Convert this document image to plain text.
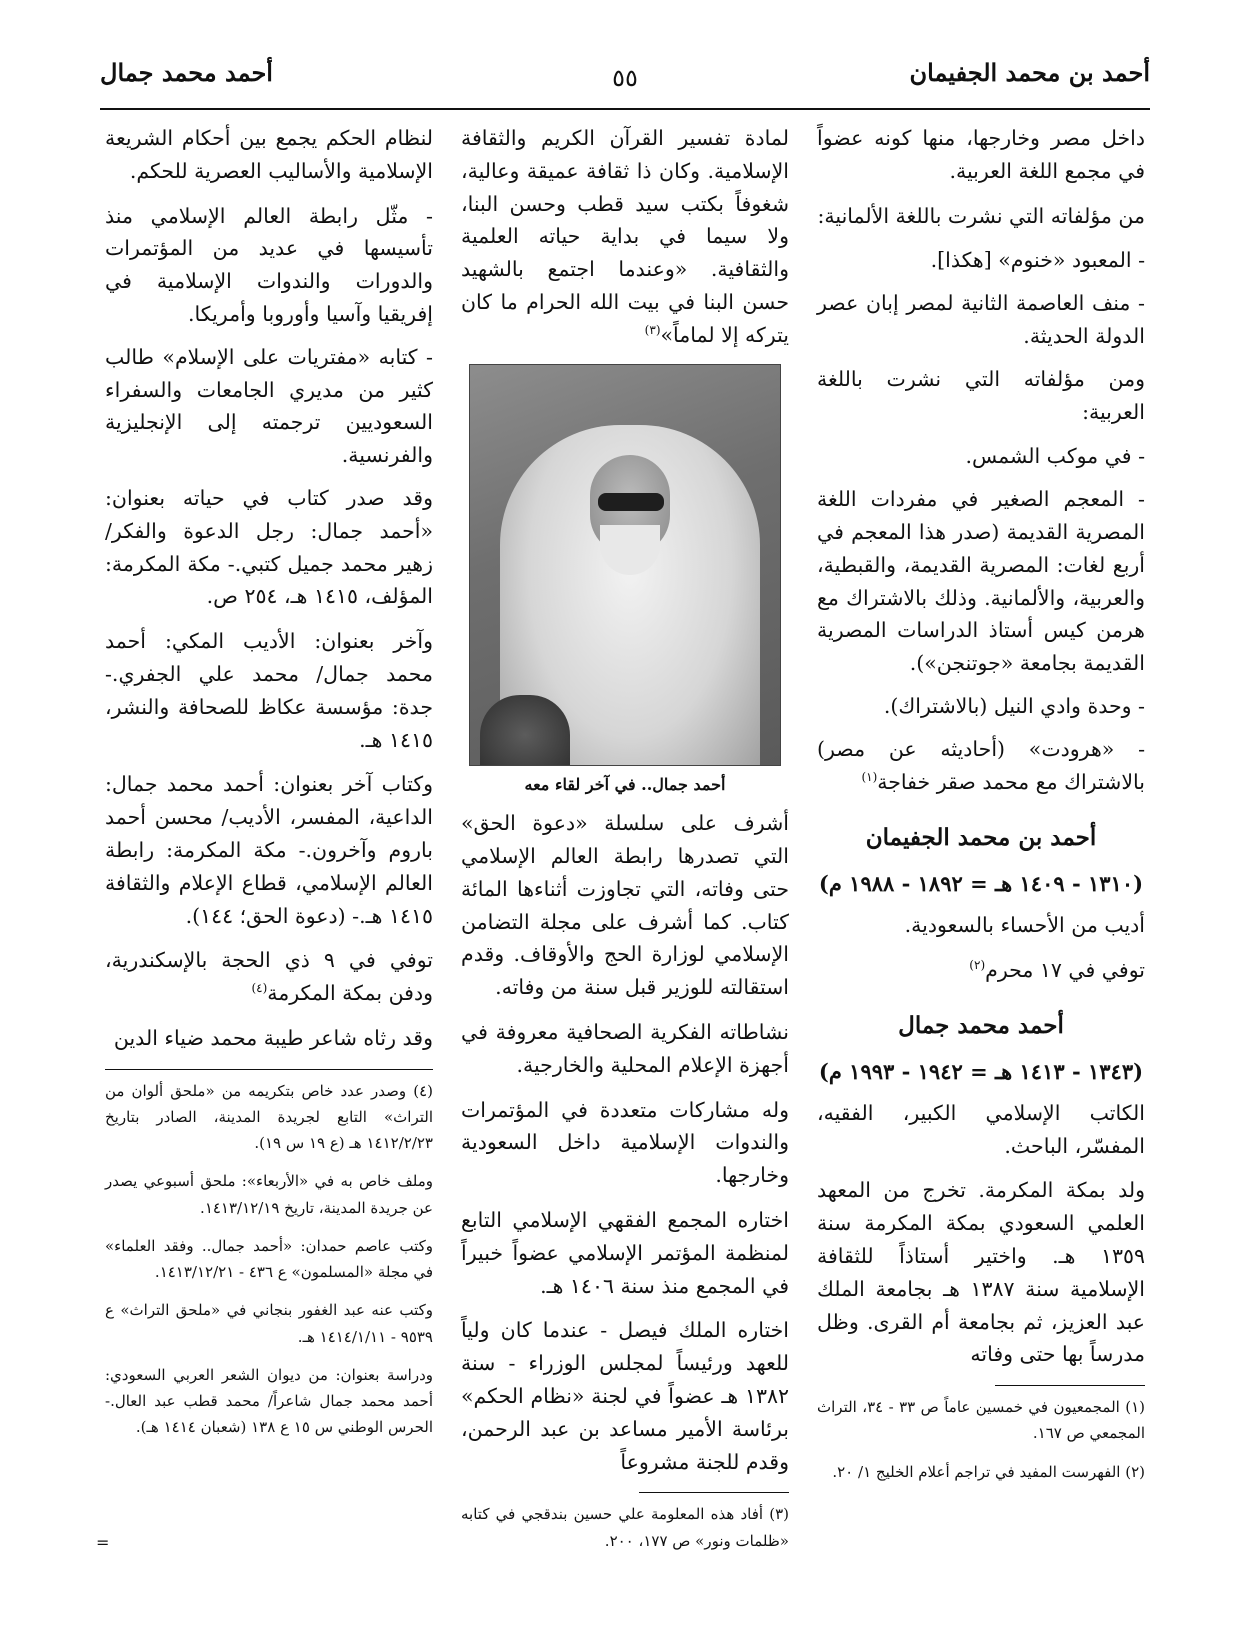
أحمد بن محمد الجفيمان
٥٥
أحمد محمد جمال

داخل مصر وخارجها، منها كونه عضواً في مجمع اللغة العربية.

من مؤلفاته التي نشرت باللغة الألمانية:

- المعبود «خنوم» [هكذا].

- منف العاصمة الثانية لمصر إبان عصر الدولة الحديثة.

ومن مؤلفاته التي نشرت باللغة العربية:

- في موكب الشمس.

- المعجم الصغير في مفردات اللغة المصرية القديمة (صدر هذا المعجم في أربع لغات: المصرية القديمة، والقبطية، والعربية، والألمانية. وذلك بالاشتراك مع هرمن كيس أستاذ الدراسات المصرية القديمة بجامعة «جوتنجن»).

- وحدة وادي النيل (بالاشتراك).

- «هرودت» (أحاديثه عن مصر) بالاشتراك مع محمد صقر خفاجة$^{(١)}$

أحمد بن محمد الجفيمان
(١٣١٠ - ١٤٠٩ هـ = ١٨٩٢ - ١٩٨٨ م)

أديب من الأحساء بالسعودية.

توفي في ١٧ محرم$^{(٢)}$

أحمد محمد جمال
(١٣٤٣ - ١٤١٣ هـ = ١٩٤٢ - ١٩٩٣ م)

الكاتب الإسلامي الكبير، الفقيه، المفسّر، الباحث.

ولد بمكة المكرمة. تخرج من المعهد العلمي السعودي بمكة المكرمة سنة ١٣٥٩ هـ. واختير أستاذاً للثقافة الإسلامية سنة ١٣٨٧ هـ بجامعة الملك عبد العزيز، ثم بجامعة أم القرى. وظل مدرساً بها حتى وفاته

(١) المجمعيون في خمسين عاماً ص ٣٣ - ٣٤، التراث المجمعي ص ١٦٧.

(٢) الفهرست المفيد في تراجم أعلام الخليج ١/ ٢٠.

لمادة تفسير القرآن الكريم والثقافة الإسلامية. وكان ذا ثقافة عميقة وعالية، شغوفاً بكتب سيد قطب وحسن البنا، ولا سيما في بداية حياته العلمية والثقافية. «وعندما اجتمع بالشهيد حسن البنا في بيت الله الحرام ما كان يتركه إلا لماماً»$^{(٣)}$

أحمد جمال.. في آخر لقاء معه

أشرف على سلسلة «دعوة الحق» التي تصدرها رابطة العالم الإسلامي حتى وفاته، التي تجاوزت أثناءها المائة كتاب. كما أشرف على مجلة التضامن الإسلامي لوزارة الحج والأوقاف. وقدم استقالته للوزير قبل سنة من وفاته.

نشاطاته الفكرية الصحافية معروفة في أجهزة الإعلام المحلية والخارجية.

وله مشاركات متعددة في المؤتمرات والندوات الإسلامية داخل السعودية وخارجها.

اختاره المجمع الفقهي الإسلامي التابع لمنظمة المؤتمر الإسلامي عضواً خبيراً في المجمع منذ سنة ١٤٠٦ هـ.

اختاره الملك فيصل - عندما كان ولياً للعهد ورئيساً لمجلس الوزراء - سنة ١٣٨٢ هـ عضواً في لجنة «نظام الحكم» برئاسة الأمير مساعد بن عبد الرحمن، وقدم للجنة مشروعاً

(٣) أفاد هذه المعلومة علي حسين بندقجي في كتابه «ظلمات ونور» ص ١٧٧، ٢٠٠.

لنظام الحكم يجمع بين أحكام الشريعة الإسلامية والأساليب العصرية للحكم.

- مثّل رابطة العالم الإسلامي منذ تأسيسها في عديد من المؤتمرات والدورات والندوات الإسلامية في إفريقيا وآسيا وأوروبا وأمريكا.

- كتابه «مفتريات على الإسلام» طالب كثير من مديري الجامعات والسفراء السعوديين ترجمته إلى الإنجليزية والفرنسية.

وقد صدر كتاب في حياته بعنوان: «أحمد جمال: رجل الدعوة والفكر/ زهير محمد جميل كتبي.- مكة المكرمة: المؤلف، ١٤١٥ هـ، ٢٥٤ ص.

وآخر بعنوان: الأديب المكي: أحمد محمد جمال/ محمد علي الجفري.- جدة: مؤسسة عكاظ للصحافة والنشر، ١٤١٥ هـ.

وكتاب آخر بعنوان: أحمد محمد جمال: الداعية، المفسر، الأديب/ محسن أحمد باروم وآخرون.- مكة المكرمة: رابطة العالم الإسلامي، قطاع الإعلام والثقافة ١٤١٥ هـ.- (دعوة الحق؛ ١٤٤).

توفي في ٩ ذي الحجة بالإسكندرية، ودفن بمكة المكرمة$^{(٤)}$

وقد رثاه شاعر طيبة محمد ضياء الدين

(٤) وصدر عدد خاص بتكريمه من «ملحق ألوان من التراث» التابع لجريدة المدينة، الصادر بتاريخ ١٤١٢/٢/٢٣ هـ (ع ١٩ س ١٩).

وملف خاص به في «الأربعاء»: ملحق أسبوعي يصدر عن جريدة المدينة، تاريخ ١٤١٣/١٢/١٩.

وكتب عاصم حمدان: «أحمد جمال.. وفقد العلماء» في مجلة «المسلمون» ع ٤٣٦ - ١٤١٣/١٢/٢١.

وكتب عنه عبد الغفور بنجاني في «ملحق التراث» ع ٩٥٣٩ - ١٤١٤/١/١١ هـ.

ودراسة بعنوان: من ديوان الشعر العربي السعودي: أحمد محمد جمال شاعراً/ محمد قطب عبد العال.- الحرس الوطني س ١٥ ع ١٣٨ (شعبان ١٤١٤ هـ).

=
